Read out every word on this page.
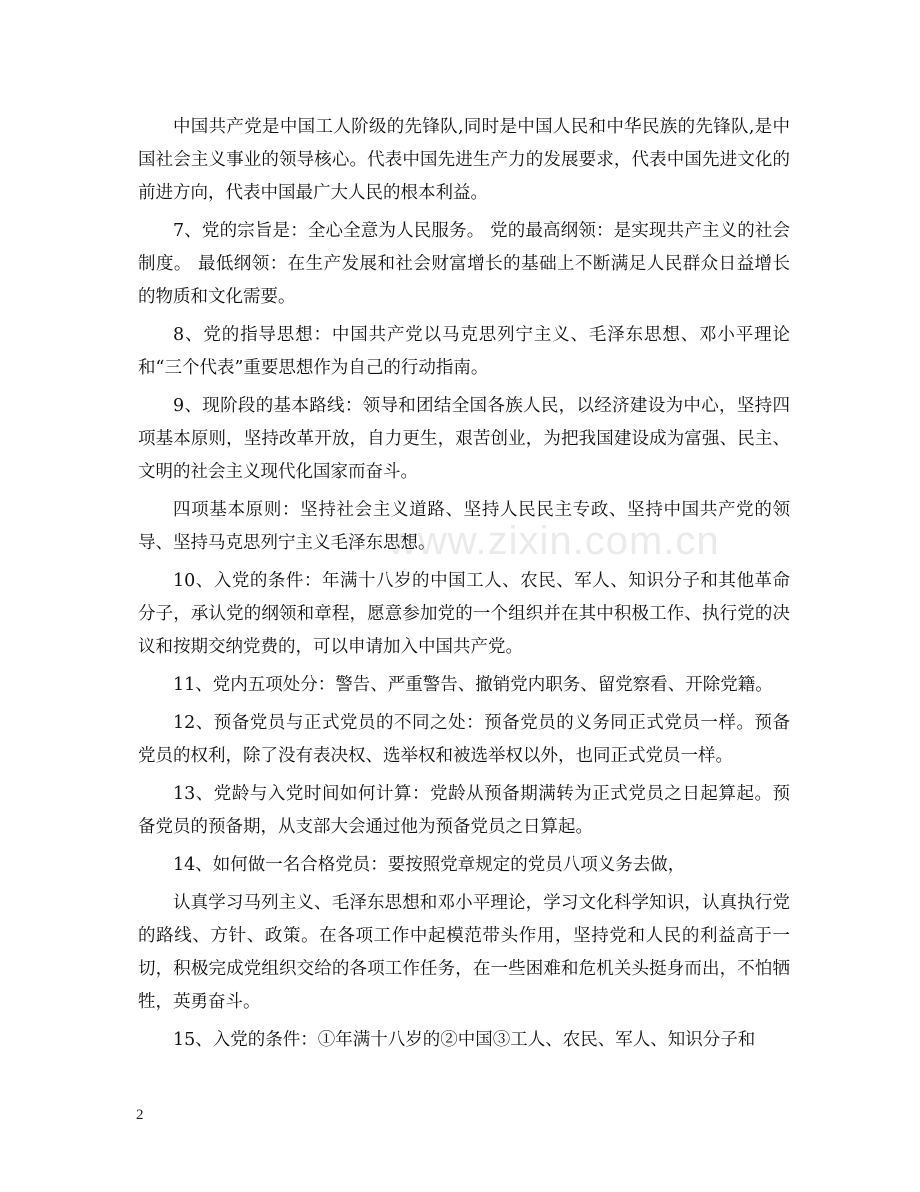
www.zixin.com.cn

中国共产党是中国工人阶级的先锋队,同时是中国人民和中华民族的先锋队,是中国社会主义事业的领导核心。代表中国先进生产力的发展要求，代表中国先进文化的前进方向，代表中国最广大人民的根本利益。

7、党的宗旨是：全心全意为人民服务。 党的最高纲领：是实现共产主义的社会制度。 最低纲领：在生产发展和社会财富增长的基础上不断满足人民群众日益增长的物质和文化需要。

8、党的指导思想：中国共产党以马克思列宁主义、毛泽东思想、邓小平理论和“三个代表”重要思想作为自己的行动指南。

9、现阶段的基本路线：领导和团结全国各族人民，以经济建设为中心，坚持四项基本原则，坚持改革开放，自力更生，艰苦创业，为把我国建设成为富强、民主、文明的社会主义现代化国家而奋斗。

四项基本原则：坚持社会主义道路、坚持人民民主专政、坚持中国共产党的领导、坚持马克思列宁主义毛泽东思想。

10、入党的条件：年满十八岁的中国工人、农民、军人、知识分子和其他革命分子，承认党的纲领和章程，愿意参加党的一个组织并在其中积极工作、执行党的决议和按期交纳党费的，可以申请加入中国共产党。

11、党内五项处分：警告、严重警告、撤销党内职务、留党察看、开除党籍。

12、预备党员与正式党员的不同之处：预备党员的义务同正式党员一样。预备党员的权利，除了没有表决权、选举权和被选举权以外，也同正式党员一样。

13、党龄与入党时间如何计算：党龄从预备期满转为正式党员之日起算起。预备党员的预备期，从支部大会通过他为预备党员之日算起。

14、如何做一名合格党员：要按照党章规定的党员八项义务去做，

认真学习马列主义、毛泽东思想和邓小平理论，学习文化科学知识，认真执行党的路线、方针、政策。在各项工作中起模范带头作用，坚持党和人民的利益高于一切，积极完成党组织交给的各项工作任务，在一些困难和危机关头挺身而出，不怕牺牲，英勇奋斗。

15、入党的条件：①年满十八岁的②中国③工人、农民、军人、知识分子和

2
